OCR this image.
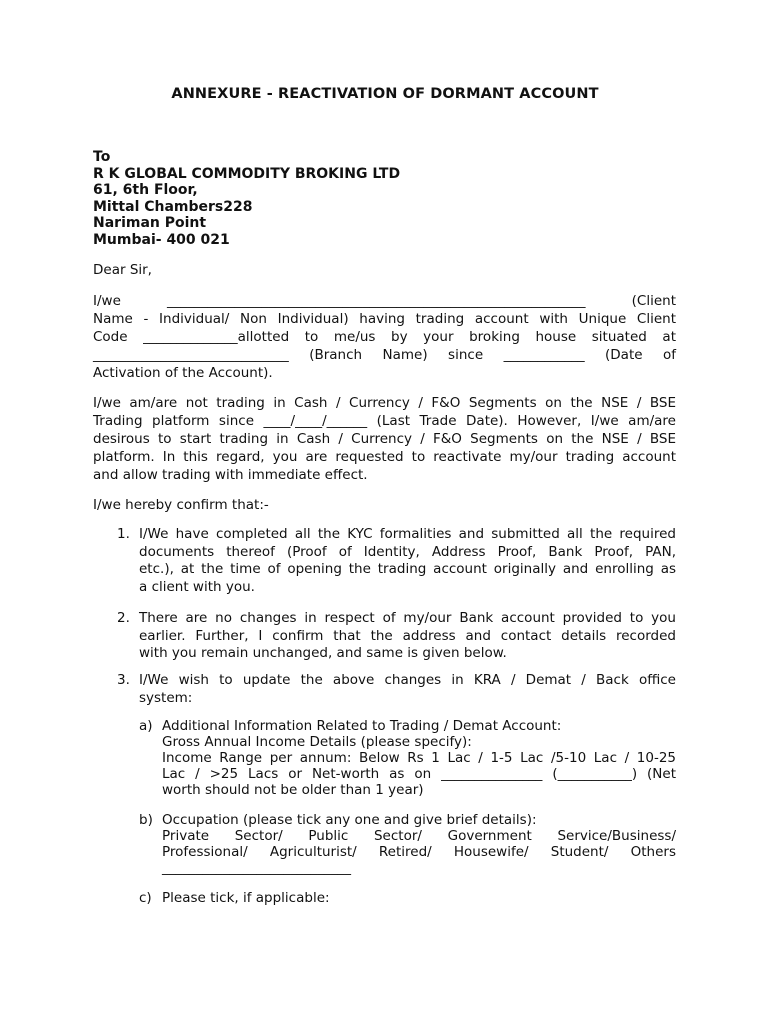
ANNEXURE - REACTIVATION OF DORMANT ACCOUNT
To
R K GLOBAL COMMODITY BROKING LTD
61, 6th Floor,
Mittal Chambers228
Nariman Point
Mumbai- 400 021
Dear Sir,
I/we ______________________________________________________________ (Client
Name - Individual/ Non Individual) having trading account with Unique Client
Code ______________allotted to me/us by your broking house situated at
_____________________________ (Branch Name) since ____________ (Date of
Activation of the Account).
I/we am/are not trading in Cash / Currency / F&O Segments on the NSE / BSE
Trading platform since ____/____/______ (Last Trade Date). However, I/we am/are
desirous to start trading in Cash / Currency / F&O Segments on the NSE / BSE
platform. In this regard, you are requested to reactivate my/our trading account
and allow trading with immediate effect.
I/we hereby confirm that:-
1. I/We have completed all the KYC formalities and submitted all the required
documents thereof (Proof of Identity, Address Proof, Bank Proof, PAN,
etc.), at the time of opening the trading account originally and enrolling as
a client with you.
2. There are no changes in respect of my/our Bank account provided to you
earlier. Further, I confirm that the address and contact details recorded
with you remain unchanged, and same is given below.
3. I/We wish to update the above changes in KRA / Demat / Back office
system:
a) Additional Information Related to Trading / Demat Account:
Gross Annual Income Details (please specify):
Income Range per annum: Below Rs 1 Lac / 1-5 Lac /5-10 Lac / 10-25
Lac / >25 Lacs or Net-worth as on _______________ (___________) (Net
worth should not be older than 1 year)
b) Occupation (please tick any one and give brief details):
Private Sector/ Public Sector/ Government Service/Business/
Professional/ Agriculturist/ Retired/ Housewife/ Student/ Others
____________________________
c) Please tick, if applicable:
